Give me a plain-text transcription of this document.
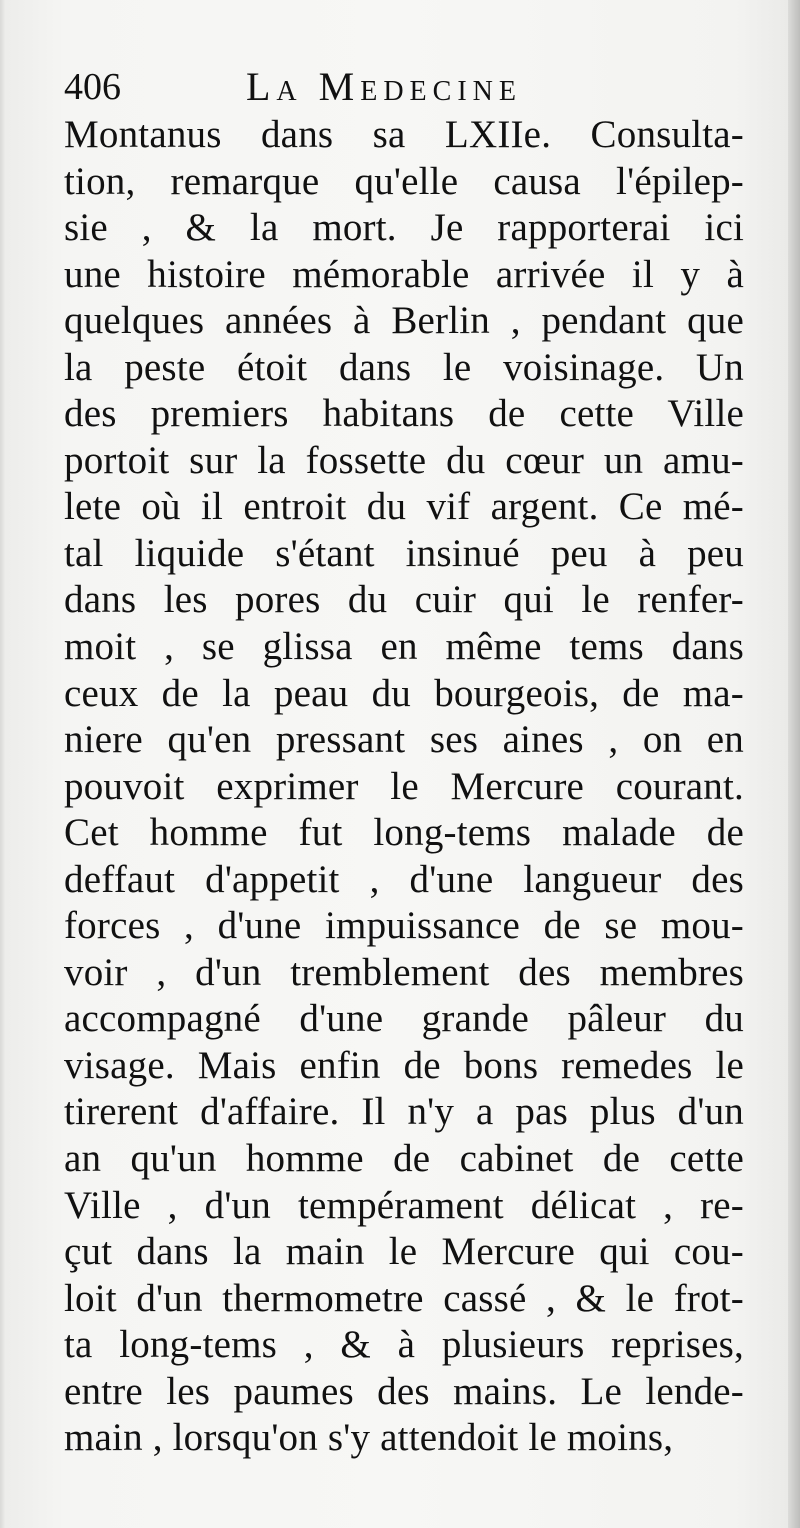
406	La Medecine
Montanus dans sa LXIIe. Consulta-
tion, remarque qu'elle causa l'épilep-
sie , & la mort. Je rapporterai ici
une histoire mémorable arrivée il y à
quelques années à Berlin , pendant que
la peste étoit dans le voisinage. Un
des premiers habitans de cette Ville
portoit sur la fossette du cœur un amu-
lete où il entroit du vif argent. Ce mé-
tal liquide s'étant insinué peu à peu
dans les pores du cuir qui le renfer-
moit , se glissa en même tems dans
ceux de la peau du bourgeois, de ma-
niere qu'en pressant ses aines , on en
pouvoit exprimer le Mercure courant.
Cet homme fut long-tems malade de
deffaut d'appetit , d'une langueur des
forces , d'une impuissance de se mou-
voir , d'un tremblement des membres
accompagné d'une grande pâleur du
visage. Mais enfin de bons remedes le
tirerent d'affaire. Il n'y a pas plus d'un
an qu'un homme de cabinet de cette
Ville , d'un tempérament délicat , re-
çut dans la main le Mercure qui cou-
loit d'un thermometre cassé , & le frot-
ta long-tems , & à plusieurs reprises,
entre les paumes des mains. Le lende-
main , lorsqu'on s'y attendoit le moins,
